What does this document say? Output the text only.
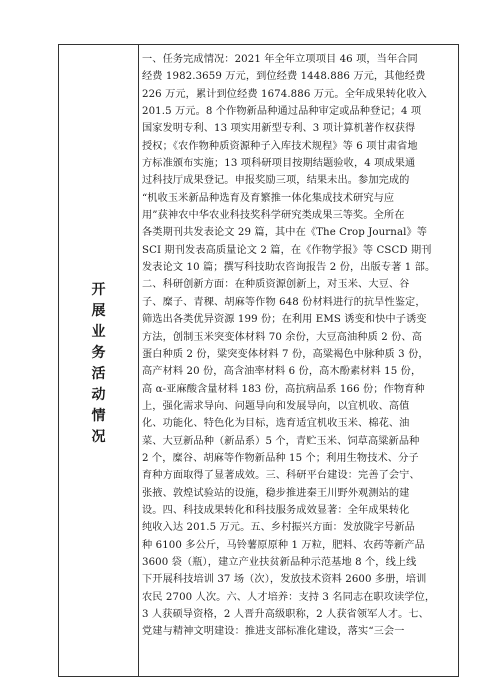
开展业务活动情况
一、任务完成情况：2021 年全年立项项目 46 项，当年合同
经费 1982.3659 万元，到位经费 1448.886 万元，其他经费
226 万元，累计到位经费 1674.886 万元。全年成果转化收入
201.5 万元。8 个作物新品种通过品种审定或品种登记；4 项
国家发明专利、13 项实用新型专利、3 项计算机著作权获得
授权；《农作物种质资源种子入库技术规程》等 6 项甘肃省地
方标准颁布实施；13 项科研项目按期结题验收，4 项成果通
过科技厅成果登记。申报奖励三项，结果未出。参加完成的
“机收玉米新品种选育及育繁推一体化集成技术研究与应
用”获神农中华农业科技奖科学研究类成果三等奖。全所在
各类期刊共发表论文 29 篇，其中在《The Crop Journal》等
SCI 期刊发表高质量论文 2 篇，在《作物学报》等 CSCD 期刊
发表论文 10 篇；撰写科技助农咨询报告 2 份，出版专著 1 部。
二、科研创新方面：在种质资源创新上，对玉米、大豆、谷
子、糜子、青稞、胡麻等作物 648 份材料进行的抗旱性鉴定，
筛选出各类优异资源 199 份；在利用 EMS 诱变和快中子诱变
方法，创制玉米突变体材料 70 余份，大豆高油种质 2 份、高
蛋白种质 2 份，粱突变体材料 7 份，高粱褐色中脉种质 3 份，
高产材料 20 份，高含油率材料 6 份，高木酚素材料 15 份，
高 α-亚麻酸含量材料 183 份，高抗病品系 166 份；作物育种
上，强化需求导向、问题导向和发展导向，以宜机收、高值
化、功能化、特色化为目标，选育适宜机收玉米、棉花、油
菜、大豆新品种（新品系）5 个，青贮玉米、饲草高粱新品种
2 个，糜谷、胡麻等作物新品种 15 个；利用生物技术、分子
育种方面取得了显著成效。三、科研平台建设：完善了会宁、
张掖、敦煌试验站的设施，稳步推进秦王川野外观测站的建
设。四、科技成果转化和科技服务成效显著：全年成果转化
纯收入达 201.5 万元。五、乡村振兴方面：发放陇字号新品
种 6100 多公斤，马铃薯原原种 1 万粒，肥料、农药等新产品
3600 袋（瓶），建立产业扶贫新品种示范基地 8 个，线上线
下开展科技培训 37 场（次），发放技术资料 2600 多册，培训
农民 2700 人次。六、人才培养：支持 3 名同志在职攻读学位，
3 人获硕导资格，2 人晋升高级职称，2 人获省领军人才。七、
党建与精神文明建设：推进支部标准化建设，落实“三会一
